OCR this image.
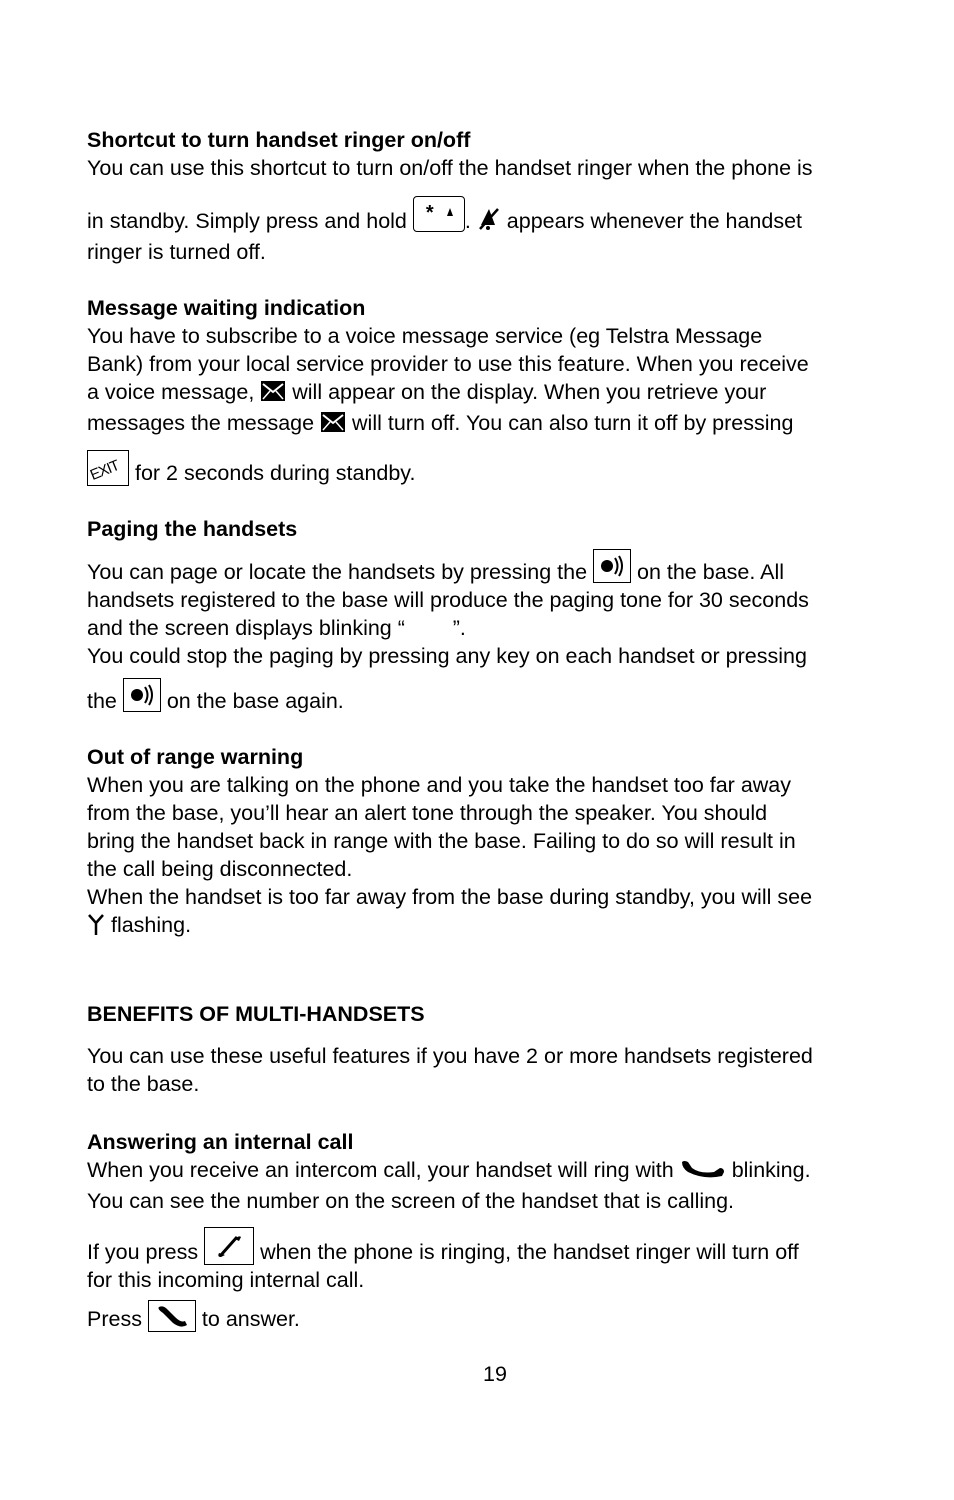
Shortcut to turn handset ringer on/off
You can use this shortcut to turn on/off the handset ringer when the phone is
in standby. Simply press and hold * .  appears whenever the handset
ringer is turned off.
Message waiting indication
You have to subscribe to a voice message service (eg Telstra Message
Bank) from your local service provider to use this feature. When you receive
a voice message,  will appear on the display. When you retrieve your
messages the message  will turn off. You can also turn it off by pressing
EXIT for 2 seconds during standby.
Paging the handsets
You can page or locate the handsets by pressing the
on the base. All
handsets registered to the base will produce the paging tone for 30 seconds
and the screen displays blinking “        ”.
You could stop the paging by pressing any key on each handset or pressing
the
on the base again.
Out of range warning
When you are talking on the phone and you take the handset too far away
from the base, you’ll hear an alert tone through the speaker. You should
bring the handset back in range with the base. Failing to do so will result in
the call being disconnected.
When the handset is too far away from the base during standby, you will see
flashing.
BENEFITS OF MULTI-HANDSETS
You can use these useful features if you have 2 or more handsets registered
to the base.
Answering an internal call
When you receive an intercom call, your handset will ring with  blinking.
You can see the number on the screen of the handset that is calling.
If you press
when the phone is ringing, the handset ringer will turn off
for this incoming internal call.
Press
to answer.
19
